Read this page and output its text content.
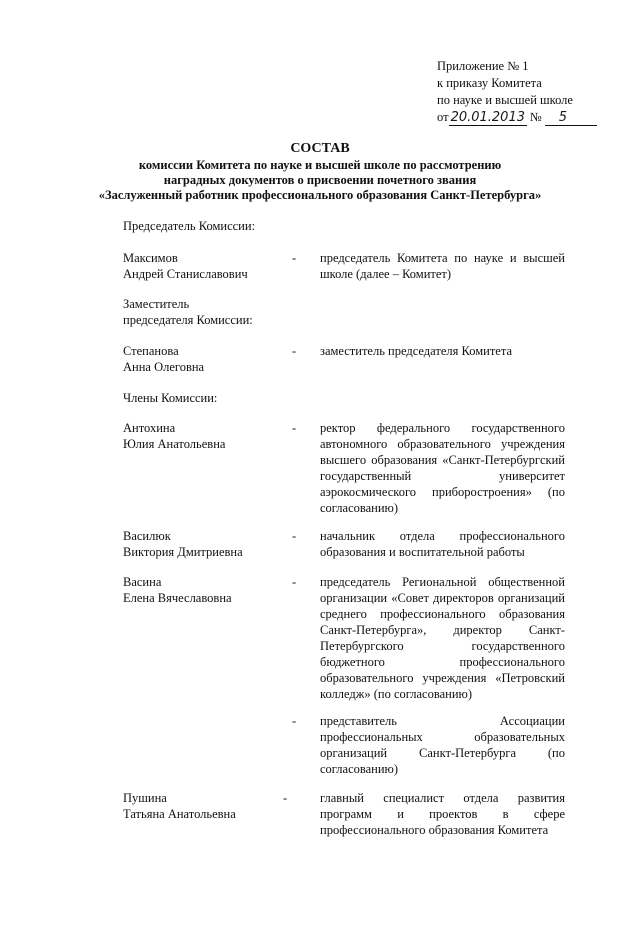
Приложение № 1
к приказу Комитета
по науке и высшей школе
от 20.01.2013 № 5
СОСТАВ
комиссии Комитета по науке и высшей школе по рассмотрению
наградных документов о присвоении почетного звания
«Заслуженный работник профессионального образования Санкт-Петербурга»
Председатель Комиссии:
Максимов
Андрей Станиславович
- председатель Комитета по науке и высшей школе (далее – Комитет)
Заместитель
председателя Комиссии:
Степанова
Анна Олеговна
- заместитель председателя Комитета
Члены Комиссии:
Антохина
Юлия Анатольевна
- ректор федерального государственного автономного образовательного учреждения высшего образования «Санкт-Петербургский государственный университет аэрокосмического приборостроения» (по согласованию)
Василюк
Виктория Дмитриевна
- начальник отдела профессионального образования и воспитательной работы
Васина
Елена Вячеславовна
- председатель Региональной общественной организации «Совет директоров организаций среднего профессионального образования Санкт-Петербурга», директор Санкт-Петербургского государственного бюджетного профессионального образовательного учреждения «Петровский колледж» (по согласованию)
- представитель Ассоциации профессиональных образовательных организаций Санкт-Петербурга (по согласованию)
Пушина
Татьяна Анатольевна
-	главный специалист отдела развития программ и проектов в сфере профессионального образования Комитета
